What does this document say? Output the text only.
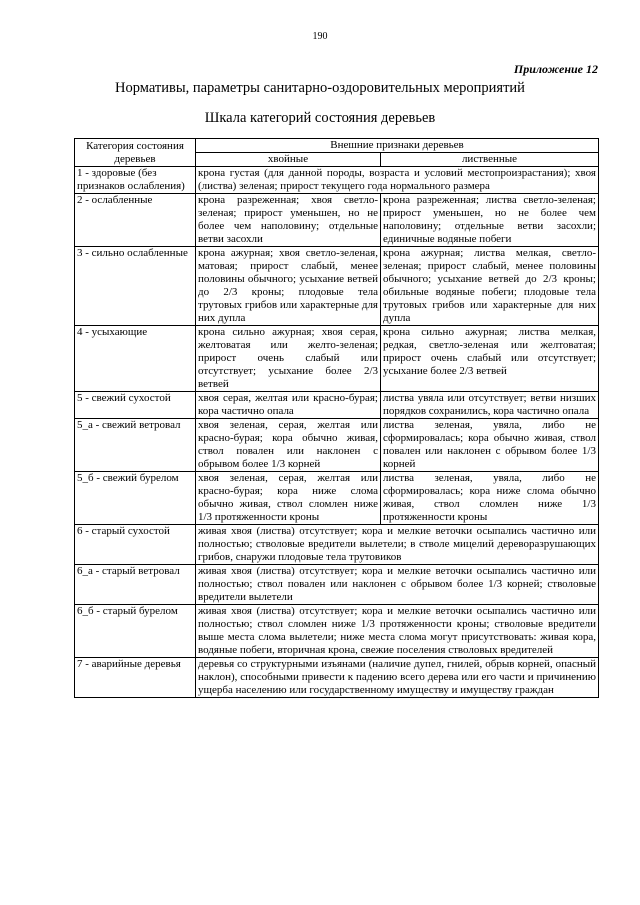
190
Приложение 12
Нормативы, параметры санитарно-оздоровительных мероприятий
Шкала категорий состояния деревьев
Категория состояния деревьев	Внешние признаки деревьев	
	хвойные	лиственные
1 - здоровые (без признаков ослабления)	крона густая (для данной породы, возраста и условий местопроизрастания); хвоя (листва) зеленая; прирост текущего года нормального размера	
2 - ослабленные	крона разреженная; хвоя светло-зеленая; прирост уменьшен, но не более чем наполовину; отдельные ветви засохли	крона разреженная; листва светло-зеленая; прирост уменьшен, но не более чем наполовину; отдельные ветви засохли; единичные водяные побеги
3 - сильно ослабленные	крона ажурная; хвоя светло-зеленая, матовая; прирост слабый, менее половины обычного; усыхание ветвей до 2/3 кроны; плодовые тела трутовых грибов или характерные для них дупла	крона ажурная; листва мелкая, светло-зеленая; прирост слабый, менее половины обычного; усыхание ветвей до 2/3 кроны; обильные водяные побеги; плодовые тела трутовых грибов или характерные для них дупла
4 - усыхающие	крона сильно ажурная; хвоя серая, желтоватая или желто-зеленая; прирост очень слабый или отсутствует; усыхание более 2/3 ветвей	крона сильно ажурная; листва мелкая, редкая, светло-зеленая или желтоватая; прирост очень слабый или отсутствует; усыхание более 2/3 ветвей
5 - свежий сухостой	хвоя серая, желтая или красно-бурая; кора частично опала	листва увяла или отсутствует; ветви низших порядков сохранились, кора частично опала
5_а - свежий ветровал	хвоя зеленая, серая, желтая или красно-бурая; кора обычно живая, ствол повален или наклонен с обрывом более 1/3 корней	листва зеленая, увяла, либо не сформировалась; кора обычно живая, ствол повален или наклонен с обрывом более 1/3 корней
5_б - свежий бурелом	хвоя зеленая, серая, желтая или красно-бурая; кора ниже слома обычно живая, ствол сломлен ниже 1/3 протяженности кроны	листва зеленая, увяла, либо не сформировалась; кора ниже слома обычно живая, ствол сломлен ниже 1/3 протяженности кроны
6 - старый сухостой	живая хвоя (листва) отсутствует; кора и мелкие веточки осыпались частично или полностью; стволовые вредители вылетели; в стволе мицелий дереворазрушающих грибов, снаружи плодовые тела трутовиков	
6_а - старый ветровал	живая хвоя (листва) отсутствует; кора и мелкие веточки осыпались частично или полностью; ствол повален или наклонен с обрывом более 1/3 корней; стволовые вредители вылетели	
6_б - старый бурелом	живая хвоя (листва) отсутствует; кора и мелкие веточки осыпались частично или полностью; ствол сломлен ниже 1/3 протяженности кроны; стволовые вредители выше места слома вылетели; ниже места слома могут присутствовать: живая кора, водяные побеги, вторичная крона, свежие поселения стволовых вредителей	
7 - аварийные деревья	деревья со структурными изъянами (наличие дупел, гнилей, обрыв корней, опасный наклон), способными привести к падению всего дерева или его части и причинению ущерба населению или государственному имуществу и имуществу граждан	
